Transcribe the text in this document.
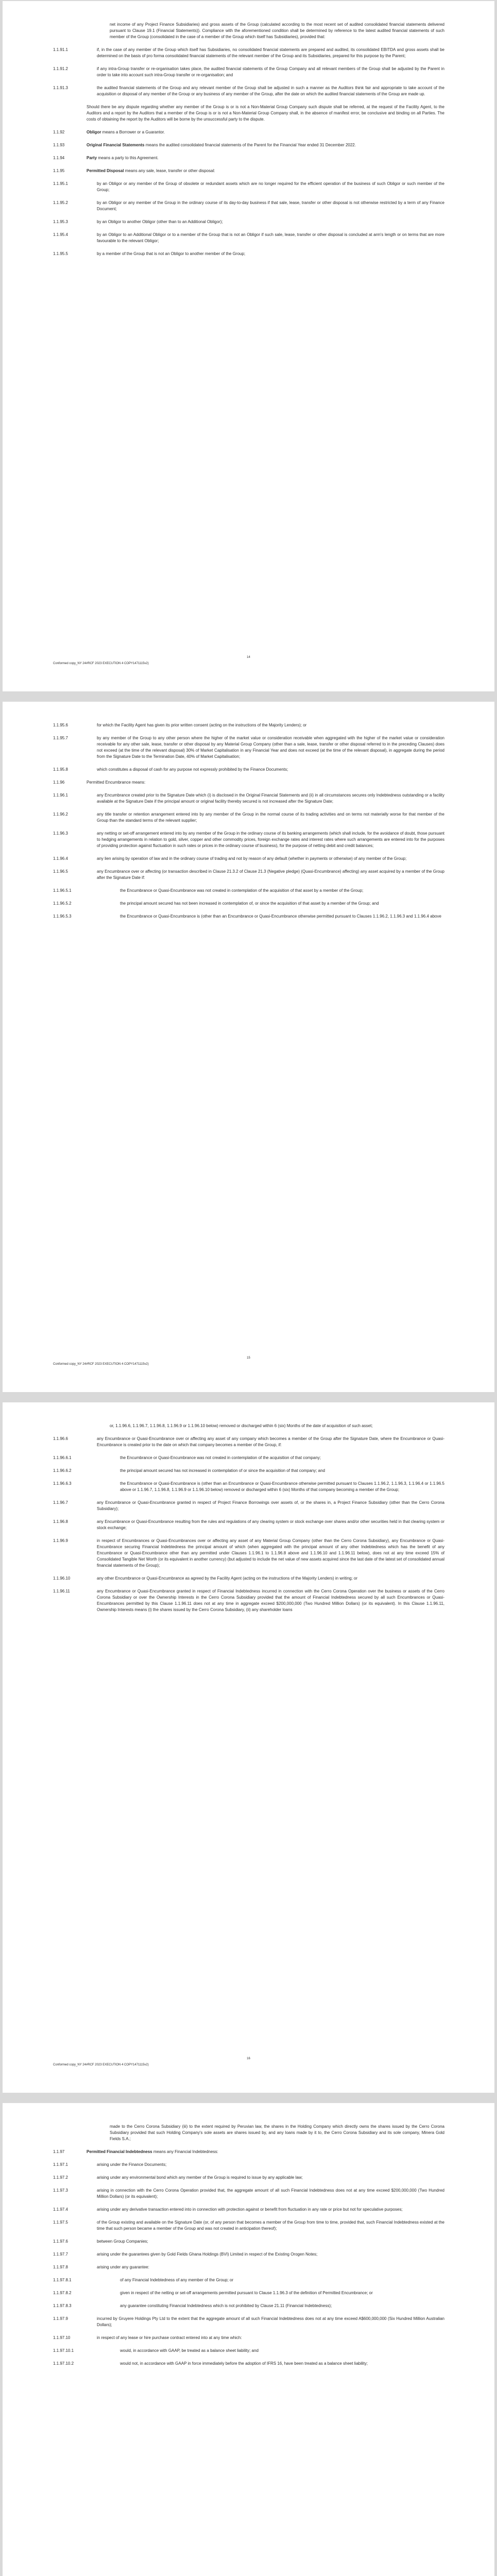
net income of any Project Finance Subsidiaries) and gross assets of the Group (calculated according to the most recent set of audited consolidated financial statements delivered pursuant to Clause 19.1 (Financial Statements)). Compliance with the aforementioned condition shall be determined by reference to the latest audited financial statements of such member of the Group (consolidated in the case of a member of the Group which itself has Subsidiaries), provided that:
1.1.91.1	if, in the case of any member of the Group which itself has Subsidiaries, no consolidated financial statements are prepared and audited, its consolidated EBITDA and gross assets shall be determined on the basis of pro forma consolidated financial statements of the relevant member of the Group and its Subsidiaries, prepared for this purpose by the Parent;
1.1.91.2	if any intra-Group transfer or re-organisation takes place, the audited financial statements of the Group Company and all relevant members of the Group shall be adjusted by the Parent in order to take into account such intra-Group transfer or re-organisation; and
1.1.91.3	the audited financial statements of the Group and any relevant member of the Group shall be adjusted in such a manner as the Auditors think fair and appropriate to take account of the acquisition or disposal of any member of the Group or any business of any member of the Group, after the date on which the audited financial statements of the Group are made up.
Should there be any dispute regarding whether any member of the Group is or is not a Non-Material Group Company such dispute shall be referred, at the request of the Facility Agent, to the Auditors and a report by the Auditors that a member of the Group is or is not a Non-Material Group Company shall, in the absence of manifest error, be conclusive and binding on all Parties. The costs of obtaining the report by the Auditors will be borne by the unsuccessful party to the dispute.
1.1.92	Obligor means a Borrower or a Guarantor.
1.1.93	Original Financial Statements means the audited consolidated financial statements of the Parent for the Financial Year ended 31 December 2022.
1.1.94	Party means a party to this Agreement.
1.1.95	Permitted Disposal means any sale, lease, transfer or other disposal:
1.1.95.1	by an Obligor or any member of the Group of obsolete or redundant assets which are no longer required for the efficient operation of the business of such Obligor or such member of the Group;
1.1.95.2	by an Obligor or any member of the Group in the ordinary course of its day-to-day business if that sale, lease, transfer or other disposal is not otherwise restricted by a term of any Finance Document;
1.1.95.3	by an Obligor to another Obligor (other than to an Additional Obligor);
1.1.95.4	by an Obligor to an Additional Obligor or to a member of the Group that is not an Obligor if such sale, lease, transfer or other disposal is concluded at arm's length or on terms that are more favourable to the relevant Obligor;
1.1.95.5	by a member of the Group that is not an Obligor to another member of the Group;
14
Conformed copy_NY 24#RCF 2023 EXECUTION 4 COPY1471115v2)
1.1.95.6	for which the Facility Agent has given its prior written consent (acting on the instructions of the Majority Lenders); or
1.1.95.7	by any member of the Group to any other person where the higher of the market value or consideration receivable when aggregated with the higher of the market value or consideration receivable for any other sale, lease, transfer or other disposal by any Material Group Company (other than a sale, lease, transfer or other disposal referred to in the preceding Clauses) does not exceed (at the time of the relevant disposal) 30% of Market Capitalisation in any Financial Year and does not exceed (at the time of the relevant disposal), in aggregate during the period from the Signature Date to the Termination Date, 40% of Market Capitalisation;
1.1.95.8	which constitutes a disposal of cash for any purpose not expressly prohibited by the Finance Documents;
1.1.96	Permitted Encumbrance means:
1.1.96.1	any Encumbrance created prior to the Signature Date which (i) is disclosed in the Original Financial Statements and (ii) in all circumstances secures only Indebtedness outstanding or a facility available at the Signature Date if the principal amount or original facility thereby secured is not increased after the Signature Date;
1.1.96.2	any title transfer or retention arrangement entered into by any member of the Group in the normal course of its trading activities and on terms not materially worse for that member of the Group than the standard terms of the relevant supplier;
1.1.96.3	any netting or set-off arrangement entered into by any member of the Group in the ordinary course of its banking arrangements (which shall include, for the avoidance of doubt, those pursuant to hedging arrangements in relation to gold, silver, copper and other commodity prices, foreign exchange rates and interest rates where such arrangements are entered into for the purposes of providing protection against fluctuation in such rates or prices in the ordinary course of business), for the purpose of netting debit and credit balances;
1.1.96.4	any lien arising by operation of law and in the ordinary course of trading and not by reason of any default (whether in payments or otherwise) of any member of the Group;
1.1.96.5	any Encumbrance over or affecting (or transaction described in Clause 21.3.2 of Clause 21.3 (Negative pledge) (Quasi-Encumbrance) affecting) any asset acquired by a member of the Group after the Signature Date if:
1.1.96.5.1	the Encumbrance or Quasi-Encumbrance was not created in contemplation of the acquisition of that asset by a member of the Group;
1.1.96.5.2	the principal amount secured has not been increased in contemplation of, or since the acquisition of that asset by a member of the Group; and
1.1.96.5.3	the Encumbrance or Quasi-Encumbrance is (other than an Encumbrance or Quasi-Encumbrance otherwise permitted pursuant to Clauses 1.1.96.2, 1.1.96.3 and 1.1.96.4 above
15
Conformed copy_NY 24#RCF 2023 EXECUTION 4 COPY1471115v2)
or, 1.1.96.6, 1.1.96.7, 1.1.96.8, 1.1.96.9 or 1.1.96.10 below) removed or discharged within 6 (six) Months of the date of acquisition of such asset;
1.1.96.6	any Encumbrance or Quasi-Encumbrance over or affecting any asset of any company which becomes a member of the Group after the Signature Date, where the Encumbrance or Quasi-Encumbrance is created prior to the date on which that company becomes a member of the Group, if:
1.1.96.6.1	the Encumbrance or Quasi-Encumbrance was not created in contemplation of the acquisition of that company;
1.1.96.6.2	the principal amount secured has not increased in contemplation of or since the acquisition of that company; and
1.1.96.6.3	the Encumbrance or Quasi-Encumbrance is (other than an Encumbrance or Quasi-Encumbrance otherwise permitted pursuant to Clauses 1.1.96.2, 1.1.96.3, 1.1.96.4 or 1.1.96.5 above or 1.1.96.7, 1.1.96.8, 1.1.96.9 or 1.1.96.10 below) removed or discharged within 6 (six) Months of that company becoming a member of the Group;
1.1.96.7	any Encumbrance or Quasi-Encumbrance granted in respect of Project Finance Borrowings over assets of, or the shares in, a Project Finance Subsidiary (other than the Cerro Corona Subsidiary);
1.1.96.8	any Encumbrance or Quasi-Encumbrance resulting from the rules and regulations of any clearing system or stock exchange over shares and/or other securities held in that clearing system or stock exchange;
1.1.96.9	in respect of Encumbrances or Quasi-Encumbrances over or affecting any asset of any Material Group Company (other than the Cerro Corona Subsidiary), any Encumbrance or Quasi-Encumbrance securing Financial Indebtedness the principal amount of which (when aggregated with the principal amount of any other Indebtedness which has the benefit of any Encumbrance or Quasi-Encumbrance other than any permitted under Clauses 1.1.96.1 to 1.1.96.8 above and 1.1.96.10 and 1.1.96.11 below), does not at any time exceed 15% of Consolidated Tangible Net Worth (or its equivalent in another currency) (but adjusted to include the net value of new assets acquired since the last date of the latest set of consolidated annual financial statements of the Group);
1.1.96.10	any other Encumbrance or Quasi-Encumbrance as agreed by the Facility Agent (acting on the instructions of the Majority Lenders) in writing; or
1.1.96.11	any Encumbrance or Quasi-Encumbrance granted in respect of Financial Indebtedness incurred in connection with the Cerro Corona Operation over the business or assets of the Cerro Corona Subsidiary or over the Ownership Interests in the Cerro Corona Subsidiary provided that the amount of Financial Indebtedness secured by all such Encumbrances or Quasi-Encumbrances permitted by this Clause 1.1.96.11 does not at any time in aggregate exceed $200,000,000 (Two Hundred Million Dollars) (or its equivalent). In this Clause 1.1.96.11, Ownership Interests means (i) the shares issued by the Cerro Corona Subsidiary, (ii) any shareholder loans
16
Conformed copy_NY 24#RCF 2023 EXECUTION 4 COPY1471115v2)
made to the Cerro Corona Subsidiary (iii) to the extent required by Peruvian law, the shares in the Holding Company which directly owns the shares issued by the Cerro Corona Subsidiary provided that such Holding Company's sole assets are shares issued by, and any loans made by it to, the Cerro Corona Subsidiary and its sole company, Minera Gold Fields S.A.;
1.1.97	Permitted Financial Indebtedness means any Financial Indebtedness:
1.1.97.1	arising under the Finance Documents;
1.1.97.2	arising under any environmental bond which any member of the Group is required to issue by any applicable law;
1.1.97.3	arising in connection with the Cerro Corona Operation provided that, the aggregate amount of all such Financial Indebtedness does not at any time exceed $200,000,000 (Two Hundred Million Dollars) (or its equivalent);
1.1.97.4	arising under any derivative transaction entered into in connection with protection against or benefit from fluctuation in any rate or price but not for speculative purposes;
1.1.97.5	of the Group existing and available on the Signature Date (or, of any person that becomes a member of the Group from time to time, provided that, such Financial Indebtedness existed at the time that such person became a member of the Group and was not created in anticipation thereof);
1.1.97.6	between Group Companies;
1.1.97.7	arising under the guarantees given by Gold Fields Ghana Holdings (BVI) Limited in respect of the Existing Orogen Notes;
1.1.97.8	arising under any guarantee:
1.1.97.8.1	of any Financial Indebtedness of any member of the Group; or
1.1.97.8.2	given in respect of the netting or set-off arrangements permitted pursuant to Clause 1.1.96.3 of the definition of Permitted Encumbrance; or
1.1.97.8.3	any guarantee constituting Financial Indebtedness which is not prohibited by Clause 21.11 (Financial Indebtedness);
1.1.97.9	incurred by Gruyere Holdings Pty Ltd to the extent that the aggregate amount of all such Financial Indebtedness does not at any time exceed A$600,000,000 (Six Hundred Million Australian Dollars);
1.1.97.10	in respect of any lease or hire purchase contract entered into at any time which:
1.1.97.10.1	would, in accordance with GAAP, be treated as a balance sheet liability; and
1.1.97.10.2	would not, in accordance with GAAP in force immediately before the adoption of IFRS 16, have been treated as a balance sheet liability;
